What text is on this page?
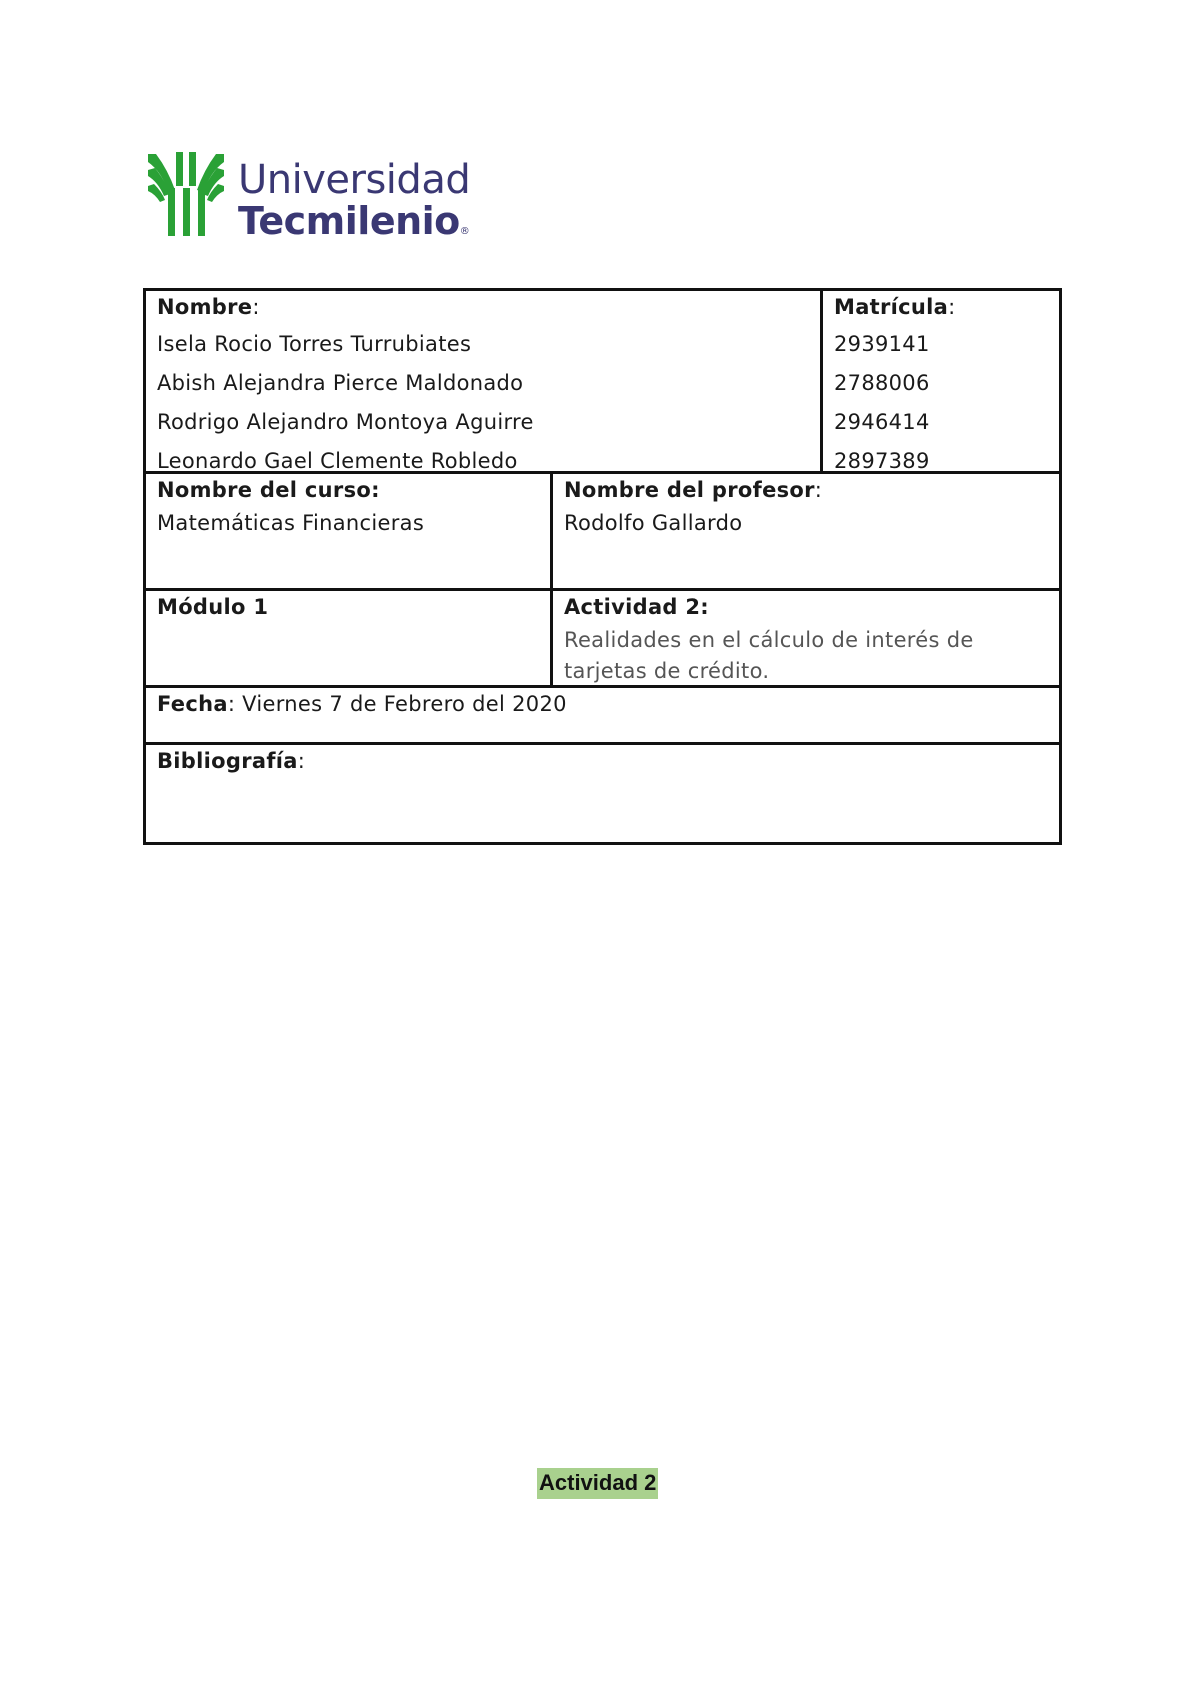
Universidad
Tecmilenio®
Nombre:
Isela Rocio Torres Turrubiates
Abish Alejandra Pierce Maldonado
Rodrigo Alejandro Montoya Aguirre
Leonardo Gael Clemente Robledo
Matrícula:
2939141
2788006
2946414
2897389
Nombre del curso:
Matemáticas Financieras
Nombre del profesor:
Rodolfo Gallardo
Módulo 1	Actividad 2:
Realidades en el cálculo de interés de tarjetas de crédito.
Fecha: Viernes 7 de Febrero del 2020
Bibliografía:
Actividad 2
